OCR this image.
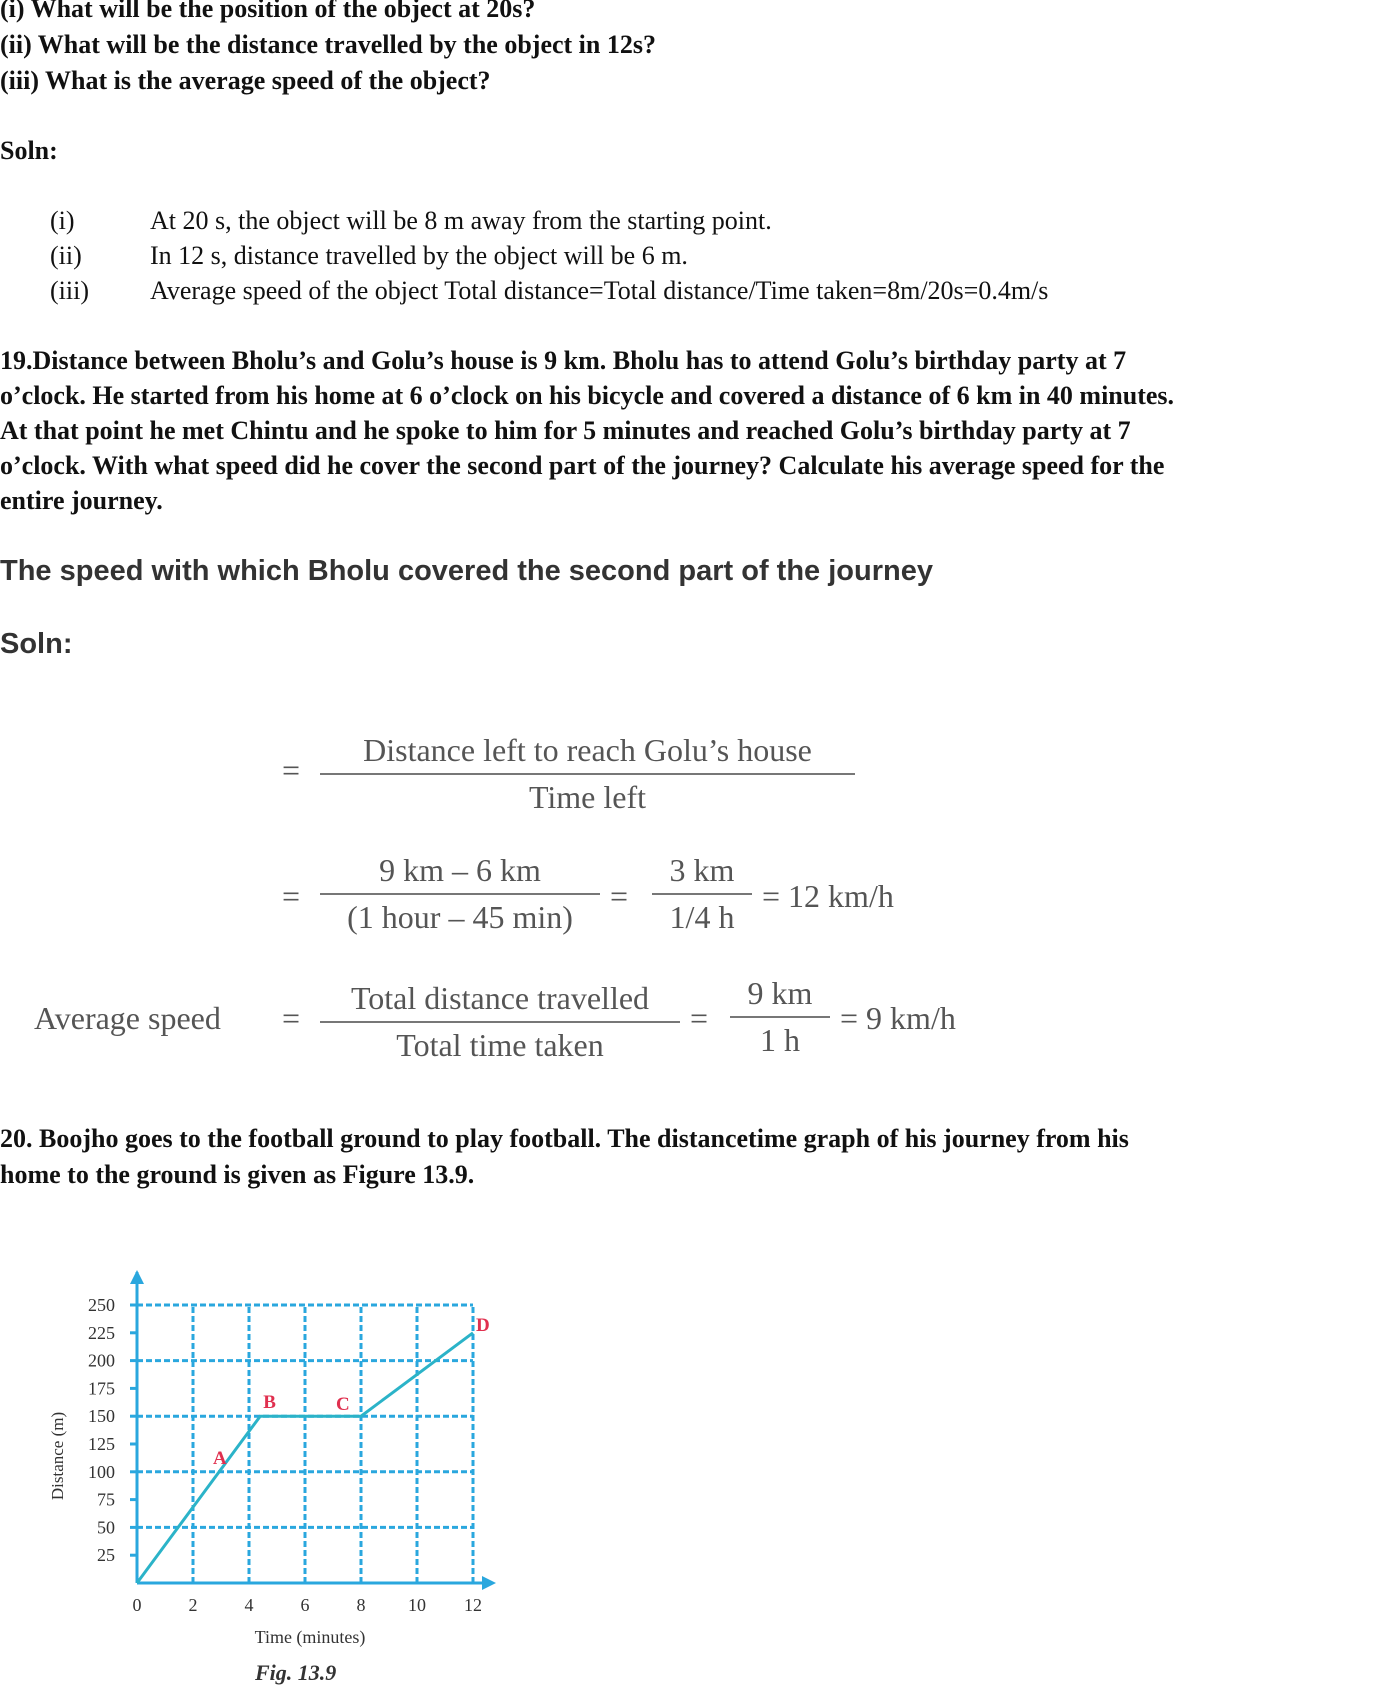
(i) What will be the position of the object at 20s?
(ii) What will be the distance travelled by the object in 12s?
(iii) What is the average speed of the object?
Soln:
(i)	At 20 s, the object will be 8 m away from the starting point.
(ii)	In 12 s, distance travelled by the object will be 6 m.
(iii) Average speed of the object Total distance=Total distance/Time taken=8m/20s=0.4m/s
19.Distance between Bholu’s and Golu’s house is 9 km. Bholu has to attend Golu’s birthday party at 7
o’clock. He started from his home at 6 o’clock on his bicycle and covered a distance of 6 km in 40 minutes.
At that point he met Chintu and he spoke to him for 5 minutes and reached Golu’s birthday party at 7
o’clock. With what speed did he cover the second part of the journey? Calculate his average speed for the
entire journey.
The speed with which Bholu covered the second part of the journey
Soln:
=
Distance left to reach Golu’s house
Time left
=
9 km – 6 km
(1 hour – 45 min)
= $\frac{3 km}{1/4 h} = 12$ km/h
Average speed =
Total distance travelled
Total time taken
= $\frac{9 km}{1 h} = 9$ km/h
20. Boojho goes to the football ground to play football. The distancetime graph of his journey from his
home to the ground is given as Figure 13.9.
25
50
75
100
125
150
175
200
225
250
0	2	4	6	8 10 12
Time (minutes)
Distance (m)	A
B	C
D
Fig. 13.9
